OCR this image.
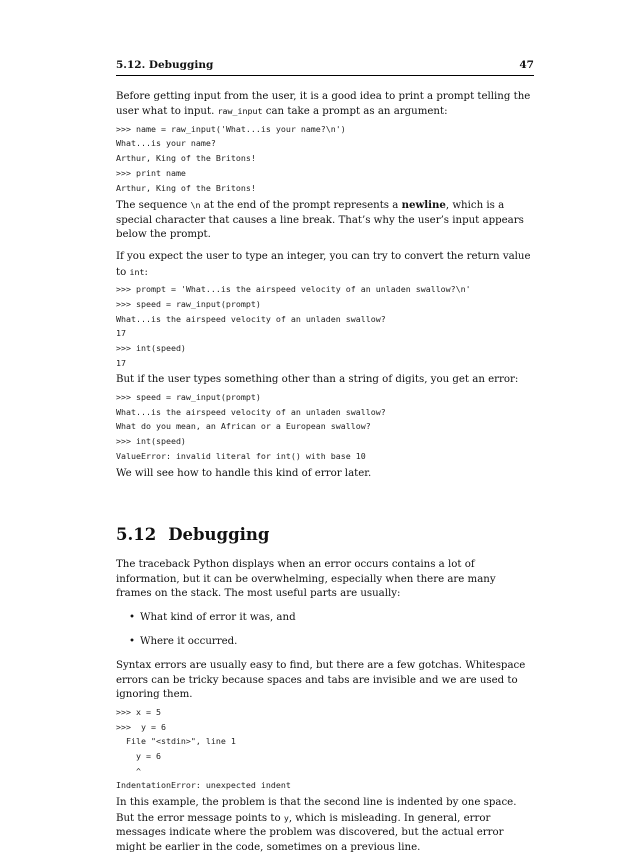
5.12. Debugging	47

Before getting input from the user, it is a good idea to print a prompt telling the user what to input. raw_input can take a prompt as an argument:

>>> name = raw_input('What...is your name?\n')
What...is your name?
Arthur, King of the Britons!
>>> print name
Arthur, King of the Britons!

The sequence \n at the end of the prompt represents a newline, which is a special character that causes a line break. That’s why the user’s input appears below the prompt.

If you expect the user to type an integer, you can try to convert the return value to int:

>>> prompt = 'What...is the airspeed velocity of an unladen swallow?\n'
>>> speed = raw_input(prompt)
What...is the airspeed velocity of an unladen swallow?
17
>>> int(speed)
17

But if the user types something other than a string of digits, you get an error:

>>> speed = raw_input(prompt)
What...is the airspeed velocity of an unladen swallow?
What do you mean, an African or a European swallow?
>>> int(speed)
ValueError: invalid literal for int() with base 10

We will see how to handle this kind of error later.

5.12 Debugging

The traceback Python displays when an error occurs contains a lot of information, but it can be overwhelming, especially when there are many frames on the stack. The most useful parts are usually:

• What kind of error it was, and
• Where it occurred.

Syntax errors are usually easy to find, but there are a few gotchas. Whitespace errors can be tricky because spaces and tabs are invisible and we are used to ignoring them.

>>> x = 5
>>>  y = 6
File "<stdin>", line 1
y = 6
^
IndentationError: unexpected indent

In this example, the problem is that the second line is indented by one space. But the error message points to y, which is misleading. In general, error messages indicate where the problem was discovered, but the actual error might be earlier in the code, sometimes on a previous line.
